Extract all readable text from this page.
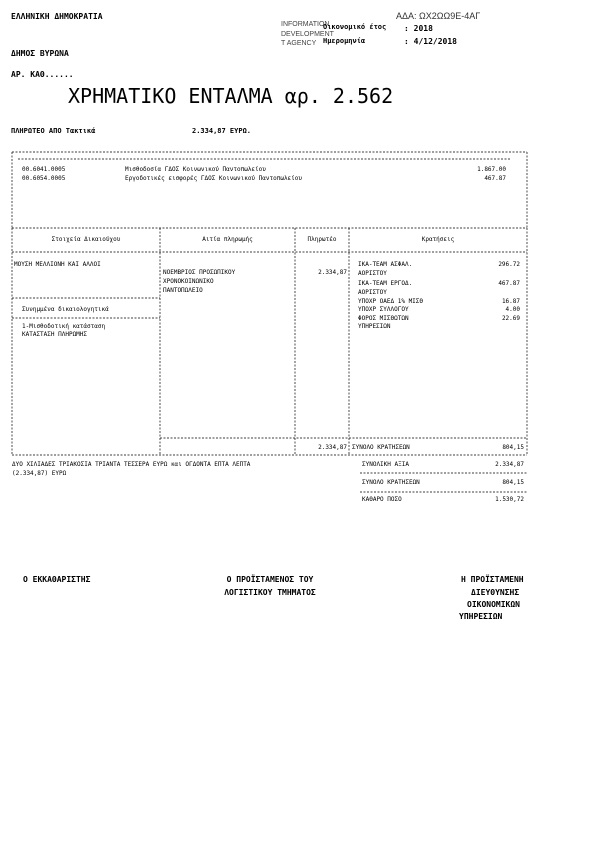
ΕΛΛΗΝΙΚΗ ΔΗΜΟΚΡΑΤΙΑ
ΔΗΜΟΣ ΒΥΡΩΝΑ
ΑΡ. ΚΑΘ......
ΑΔΑ: ΩΧ2ΩΩ9Ε-4ΑΓ
INFORMATION
DEVELOPMENT
T AGENCY
Οικονομικό έτος : 2018
Ημερομηνία	: 4/12/2018
ΧΡΗΜΑΤΙΚΟ ΕΝΤΑΛΜΑ αρ. 2.562
ΠΛΗΡΩΤΕΟ ΑΠΟ Τακτικά	2.334,87 ΕΥΡΩ.
00.6041.0005	Μισθοδοσία ΓΔΟΣ Κοινωνικού Παντοπωλείου	1.867.00
00.6054.0005	Εργοδοτικές εισφορές ΓΔΟΣ Κοινωνικού Παντοπωλείου	467.87
Στοιχεία Δικαιούχου	Αιτία πληρωμής	Πληρωτέο	Κρατήσεις
ΜΟΥΣΗ ΜΕΛΛΙΟΝΗ ΚΑΙ ΑΛΛΟΙ
Συνημμένα δικαιολογητικά
1-Μισθοδοτική κατάσταση
ΚΑΤΑΣΤΑΣΗ ΠΛΗΡΩΜΗΣ
ΝΟΕΜΒΡΙΟΣ ΠΡΟΣΩΠΙΚΟΥ
ΧΡΟΝΟΚΟΙΝΩΝΙΚΟ
ΠΑΝΤΟΠΩΛΕΙΟ
2.334,87
ΙΚΑ-ΤΕΑΜ ΑΣΦΑΛ.	296.72
ΑΟΡΙΣΤΟΥ
ΙΚΑ-ΤΕΑΜ ΕΡΓΟΔ.	467.87
ΑΟΡΙΣΤΟΥ
ΥΠΟΧΡ ΟΑΕΔ 1% ΜΙΣΘ	16.87
ΥΠΟΧΡ ΣΥΛΛΟΓΟΥ	4.00
ΦΟΡΟΣ ΜΙΣΘΩΤΩΝ	22.69
ΥΠΗΡΕΣΙΩΝ
2.334,87 ΣΥΝΟΛΟ ΚΡΑΤΗΣΕΩΝ	804,15
ΔΥΟ ΧΙΛΙΑΔΕΣ ΤΡΙΑΚΟΣΙΑ ΤΡΙΑΝΤΑ ΤΕΣΣΕΡΑ ΕΥΡΩ και ΟΓΔΟΝΤΑ ΕΠΤΑ ΛΕΠΤΑ
(2.334,87) ΕΥΡΩ
ΣΥΝΟΛΙΚΗ ΑΞΙΑ	2.334,87
ΣΥΝΟΛΟ ΚΡΑΤΗΣΕΩΝ	804,15
ΚΑΘΑΡΟ ΠΟΣΟ	1.530,72
Ο ΕΚΚΑΘΑΡΙΣΤΗΣ	Ο ΠΡΟΪΣΤΑΜΕΝΟΣ ΤΟΥ
ΛΟΓΙΣΤΙΚΟΥ ΤΜΗΜΑΤΟΣ
Η ΠΡΟΪΣΤΑΜΕΝΗ
ΔΙΕΥΘΥΝΣΗΣ
ΟΙΚΟΝΟΜΙΚΩΝ
ΥΠΗΡΕΣΙΩΝ
